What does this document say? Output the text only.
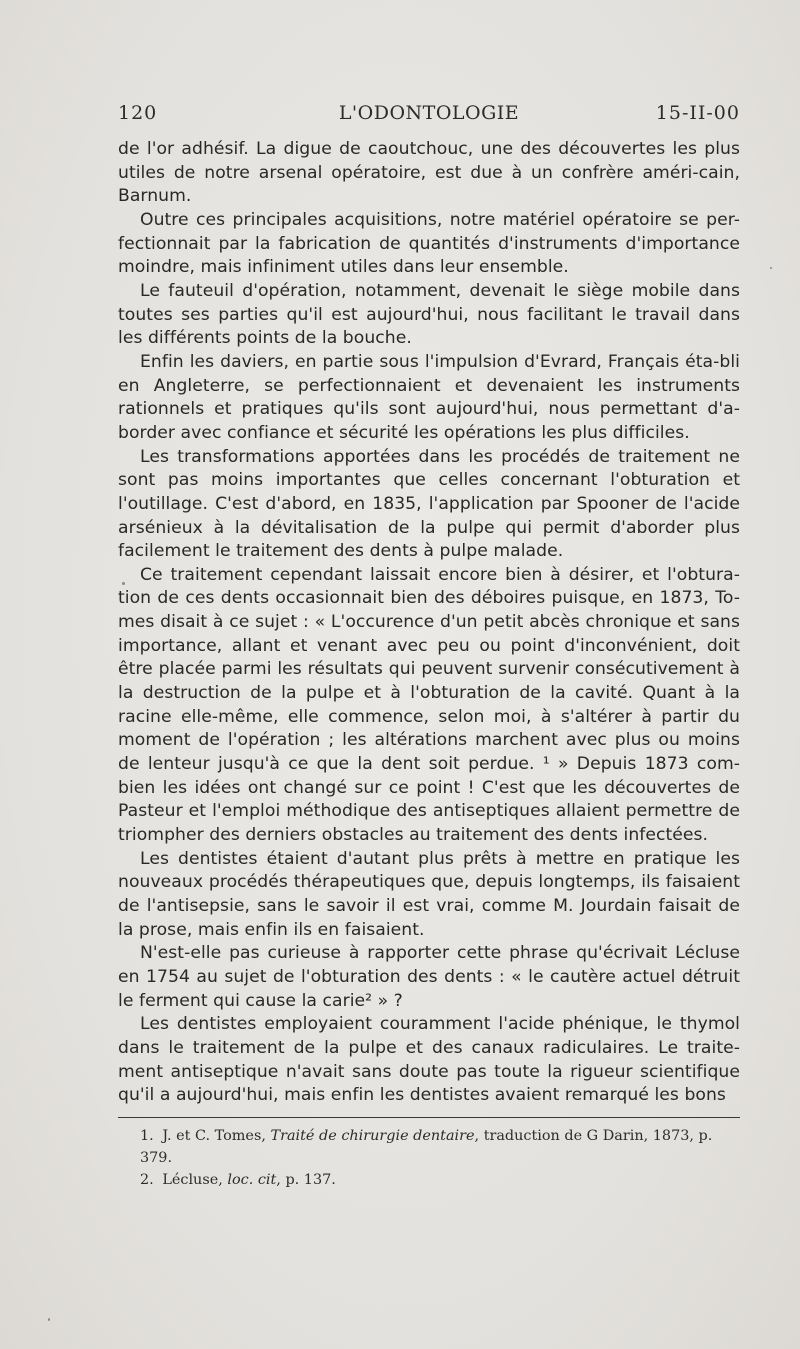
120	L'ODONTOLOGIE	15-II-00

de l'or adhésif. La digue de caoutchouc, une des découvertes les plus utiles de notre arsenal opératoire, est due à un confrère améri-cain, Barnum.

Outre ces principales acquisitions, notre matériel opératoire se per-fectionnait par la fabrication de quantités d'instruments d'importance moindre, mais infiniment utiles dans leur ensemble.

Le fauteuil d'opération, notamment, devenait le siège mobile dans toutes ses parties qu'il est aujourd'hui, nous facilitant le travail dans les différents points de la bouche.

Enfin les daviers, en partie sous l'impulsion d'Evrard, Français éta-bli en Angleterre, se perfectionnaient et devenaient les instruments rationnels et pratiques qu'ils sont aujourd'hui, nous permettant d'a-border avec confiance et sécurité les opérations les plus difficiles.

Les transformations apportées dans les procédés de traitement ne sont pas moins importantes que celles concernant l'obturation et l'outillage. C'est d'abord, en 1835, l'application par Spooner de l'acide arsénieux à la dévitalisation de la pulpe qui permit d'aborder plus facilement le traitement des dents à pulpe malade.

Ce traitement cependant laissait encore bien à désirer, et l'obtura-tion de ces dents occasionnait bien des déboires puisque, en 1873, To-mes disait à ce sujet : « L'occurence d'un petit abcès chronique et sans importance, allant et venant avec peu ou point d'inconvénient, doit être placée parmi les résultats qui peuvent survenir consécutivement à la destruction de la pulpe et à l'obturation de la cavité. Quant à la racine elle-même, elle commence, selon moi, à s'altérer à partir du moment de l'opération ; les altérations marchent avec plus ou moins de lenteur jusqu'à ce que la dent soit perdue. ¹ » Depuis 1873 com-bien les idées ont changé sur ce point ! C'est que les découvertes de Pasteur et l'emploi méthodique des antiseptiques allaient permettre de triompher des derniers obstacles au traitement des dents infectées.

Les dentistes étaient d'autant plus prêts à mettre en pratique les nouveaux procédés thérapeutiques que, depuis longtemps, ils faisaient de l'antisepsie, sans le savoir il est vrai, comme M. Jourdain faisait de la prose, mais enfin ils en faisaient.

N'est-elle pas curieuse à rapporter cette phrase qu'écrivait Lécluse en 1754 au sujet de l'obturation des dents : « le cautère actuel détruit le ferment qui cause la carie² » ?

Les dentistes employaient couramment l'acide phénique, le thymol dans le traitement de la pulpe et des canaux radiculaires. Le traite-ment antiseptique n'avait sans doute pas toute la rigueur scientifique qu'il a aujourd'hui, mais enfin les dentistes avaient remarqué les bons

1. J. et C. Tomes, Traité de chirurgie dentaire, traduction de G Darin, 1873, p. 379.

2. Lécluse, loc. cit, p. 137.
